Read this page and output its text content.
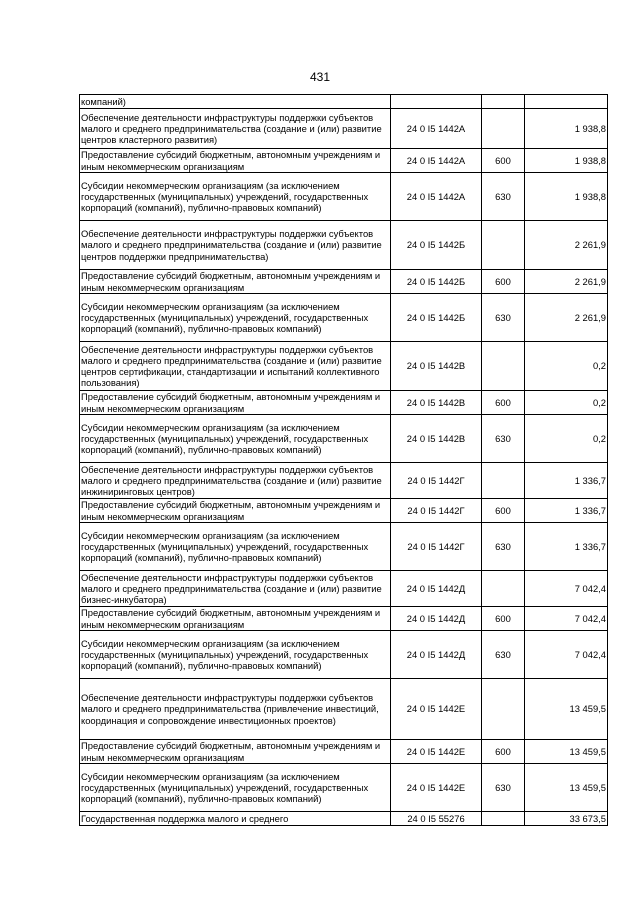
431
компаний)			
Обеспечение деятельности инфраструктуры поддержки субъектов малого и среднего предпринимательства (создание и (или) развитие центров кластерного развития)	24 0 I5 1442А		1 938,8
Предоставление субсидий бюджетным, автономным учреждениям и иным некоммерческим организациям	24 0 I5 1442А	600	1 938,8
Субсидии некоммерческим организациям (за исключением государственных (муниципальных) учреждений, государственных корпораций (компаний), публично-правовых компаний)	24 0 I5 1442А	630	1 938,8
Обеспечение деятельности инфраструктуры поддержки субъектов малого и среднего предпринимательства (создание и (или) развитие центров поддержки предпринимательства)	24 0 I5 1442Б		2 261,9
Предоставление субсидий бюджетным, автономным учреждениям и иным некоммерческим организациям	24 0 I5 1442Б	600	2 261,9
Субсидии некоммерческим организациям (за исключением государственных (муниципальных) учреждений, государственных корпораций (компаний), публично-правовых компаний)	24 0 I5 1442Б	630	2 261,9
Обеспечение деятельности инфраструктуры поддержки субъектов малого и среднего предпринимательства (создание и (или) развитие центров сертификации, стандартизации и испытаний коллективного пользования)	24 0 I5 1442В		0,2
Предоставление субсидий бюджетным, автономным учреждениям и иным некоммерческим организациям	24 0 I5 1442В	600	0,2
Субсидии некоммерческим организациям (за исключением государственных (муниципальных) учреждений, государственных корпораций (компаний), публично-правовых компаний)	24 0 I5 1442В	630	0,2
Обеспечение деятельности инфраструктуры поддержки субъектов малого и среднего предпринимательства (создание и (или) развитие инжиниринговых центров)	24 0 I5 1442Г		1 336,7
Предоставление субсидий бюджетным, автономным учреждениям и иным некоммерческим организациям	24 0 I5 1442Г	600	1 336,7
Субсидии некоммерческим организациям (за исключением государственных (муниципальных) учреждений, государственных корпораций (компаний), публично-правовых компаний)	24 0 I5 1442Г	630	1 336,7
Обеспечение деятельности инфраструктуры поддержки субъектов малого и среднего предпринимательства (создание и (или) развитие бизнес-инкубатора)	24 0 I5 1442Д		7 042,4
Предоставление субсидий бюджетным, автономным учреждениям и иным некоммерческим организациям	24 0 I5 1442Д	600	7 042,4
Субсидии некоммерческим организациям (за исключением государственных (муниципальных) учреждений, государственных корпораций (компаний), публично-правовых компаний)	24 0 I5 1442Д	630	7 042,4
Обеспечение деятельности инфраструктуры поддержки субъектов малого и среднего предпринимательства (привлечение инвестиций, координация и сопровождение инвестиционных проектов)	24 0 I5 1442Е		13 459,5
Предоставление субсидий бюджетным, автономным учреждениям и иным некоммерческим организациям	24 0 I5 1442Е	600	13 459,5
Субсидии некоммерческим организациям (за исключением государственных (муниципальных) учреждений, государственных корпораций (компаний), публично-правовых компаний)	24 0 I5 1442Е	630	13 459,5
Государственная поддержка малого и среднего	24 0 I5 55276		33 673,5
